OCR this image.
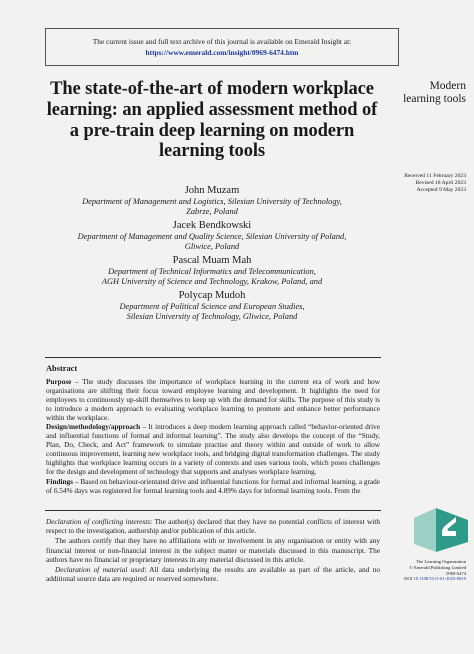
The current issue and full text archive of this journal is available on Emerald Insight at:
https://www.emerald.com/insight/0969-6474.htm
The state-of-the-art of modern workplace learning: an applied assessment method of a pre-train deep learning on modern learning tools
Modern
learning tools
Received 11 February 2023
Revised 18 April 2023
Accepted 9 May 2023
John Muzam
Department of Management and Logistics, Silesian University of Technology,
Zabrze, Poland
Jacek Bendkowski
Department of Management and Quality Science, Silesian University of Poland,
Gliwice, Poland
Pascal Muam Mah
Department of Technical Informatics and Telecommunication,
AGH University of Science and Technology, Krakow, Poland, and
Polycap Mudoh
Department of Political Science and European Studies,
Silesian University of Technology, Gliwice, Poland
Abstract

Purpose – The study discusses the importance of workplace learning in the current era of work and how organisations are shifting their focus toward employee learning and development. It highlights the need for employees to continuously up-skill themselves to keep up with the demand for skills. The purpose of this study is to introduce a modern approach to evaluating workplace learning to promote and enhance better performance within the workplace.

Design/methodology/approach – It introduces a deep modern learning approach called “behavior-oriented drive and influential functions of formal and informal learning”. The study also develops the concept of the “Study, Plan, Do, Check, and Act” framework to simulate practise and theory within and outside of work to allow continuous improvement, learning new workplace tools, and bridging digital transformation challenges. The study highlights that workplace learning occurs in a variety of contexts and uses various tools, which poses challenges for the design and development of technology that supports and analyses workplace learning.

Findings – Based on behaviour-orientated drive and influential functions for formal and informal learning, a grade of 6.54% days was registered for formal learning tools and 4.89% days for informal learning tools. From the

Declaration of conflicting interests: The author(s) declared that they have no potential conflicts of interest with respect to the investigation, authorship and/or publication of this article.

The authors certify that they have no affiliations with or involvement in any organisation or entity with any financial interest or non-financial interest in the subject matter or materials discussed in this manuscript. The authors have no financial or proprietary interests in any material discussed in this article.

Declaration of material used: All data underlying the results are available as part of the article, and no additional source data are required or reserved somewhere.

The Learning Organization
© Emerald Publishing Limited
0969-6474
DOI 10.1108/TLO-01-2023-0019
